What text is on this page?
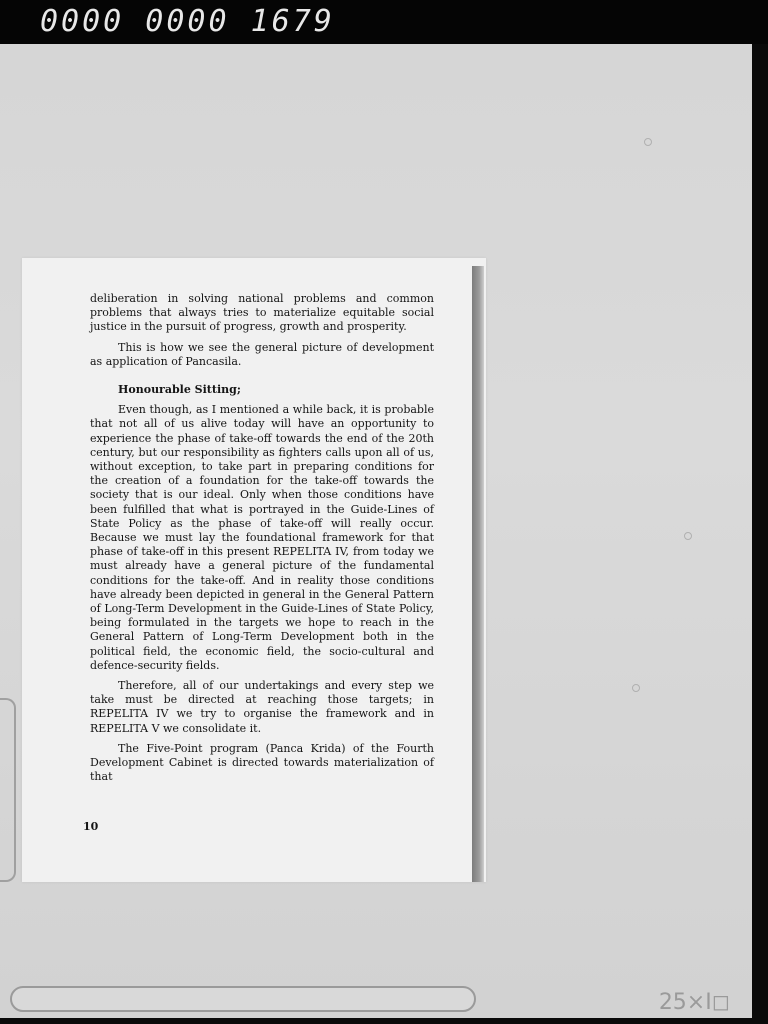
0000 0000 1679

deliberation in solving national problems and common problems that always tries to materialize equitable social justice in the pursuit of progress, growth and prosperity.

This is how we see the general picture of development as application of Pancasila.

Honourable Sitting;

Even though, as I mentioned a while back, it is probable that not all of us alive today will have an opportunity to experience the phase of take-off towards the end of the 20th century, but our responsibility as fighters calls upon all of us, without exception, to take part in preparing conditions for the creation of a foundation for the take-off towards the society that is our ideal. Only when those conditions have been fulfilled that what is portrayed in the Guide-Lines of State Policy as the phase of take-off will really occur. Because we must lay the foundational framework for that phase of take-off in this present REPELITA IV, from today we must already have a general picture of the fundamental conditions for the take-off. And in reality those conditions have already been depicted in general in the General Pattern of Long-Term Development in the Guide-Lines of State Policy, being formulated in the targets we hope to reach in the General Pattern of Long-Term Development both in the political field, the economic field, the socio-cultural and defence-security fields.

Therefore, all of our undertakings and every step we take must be directed at reaching those targets; in REPELITA IV we try to organise the framework and in REPELITA V we consolidate it.

The Five-Point program (Panca Krida) of the Fourth Development Cabinet is directed towards materialization of that

10
25×I◻
